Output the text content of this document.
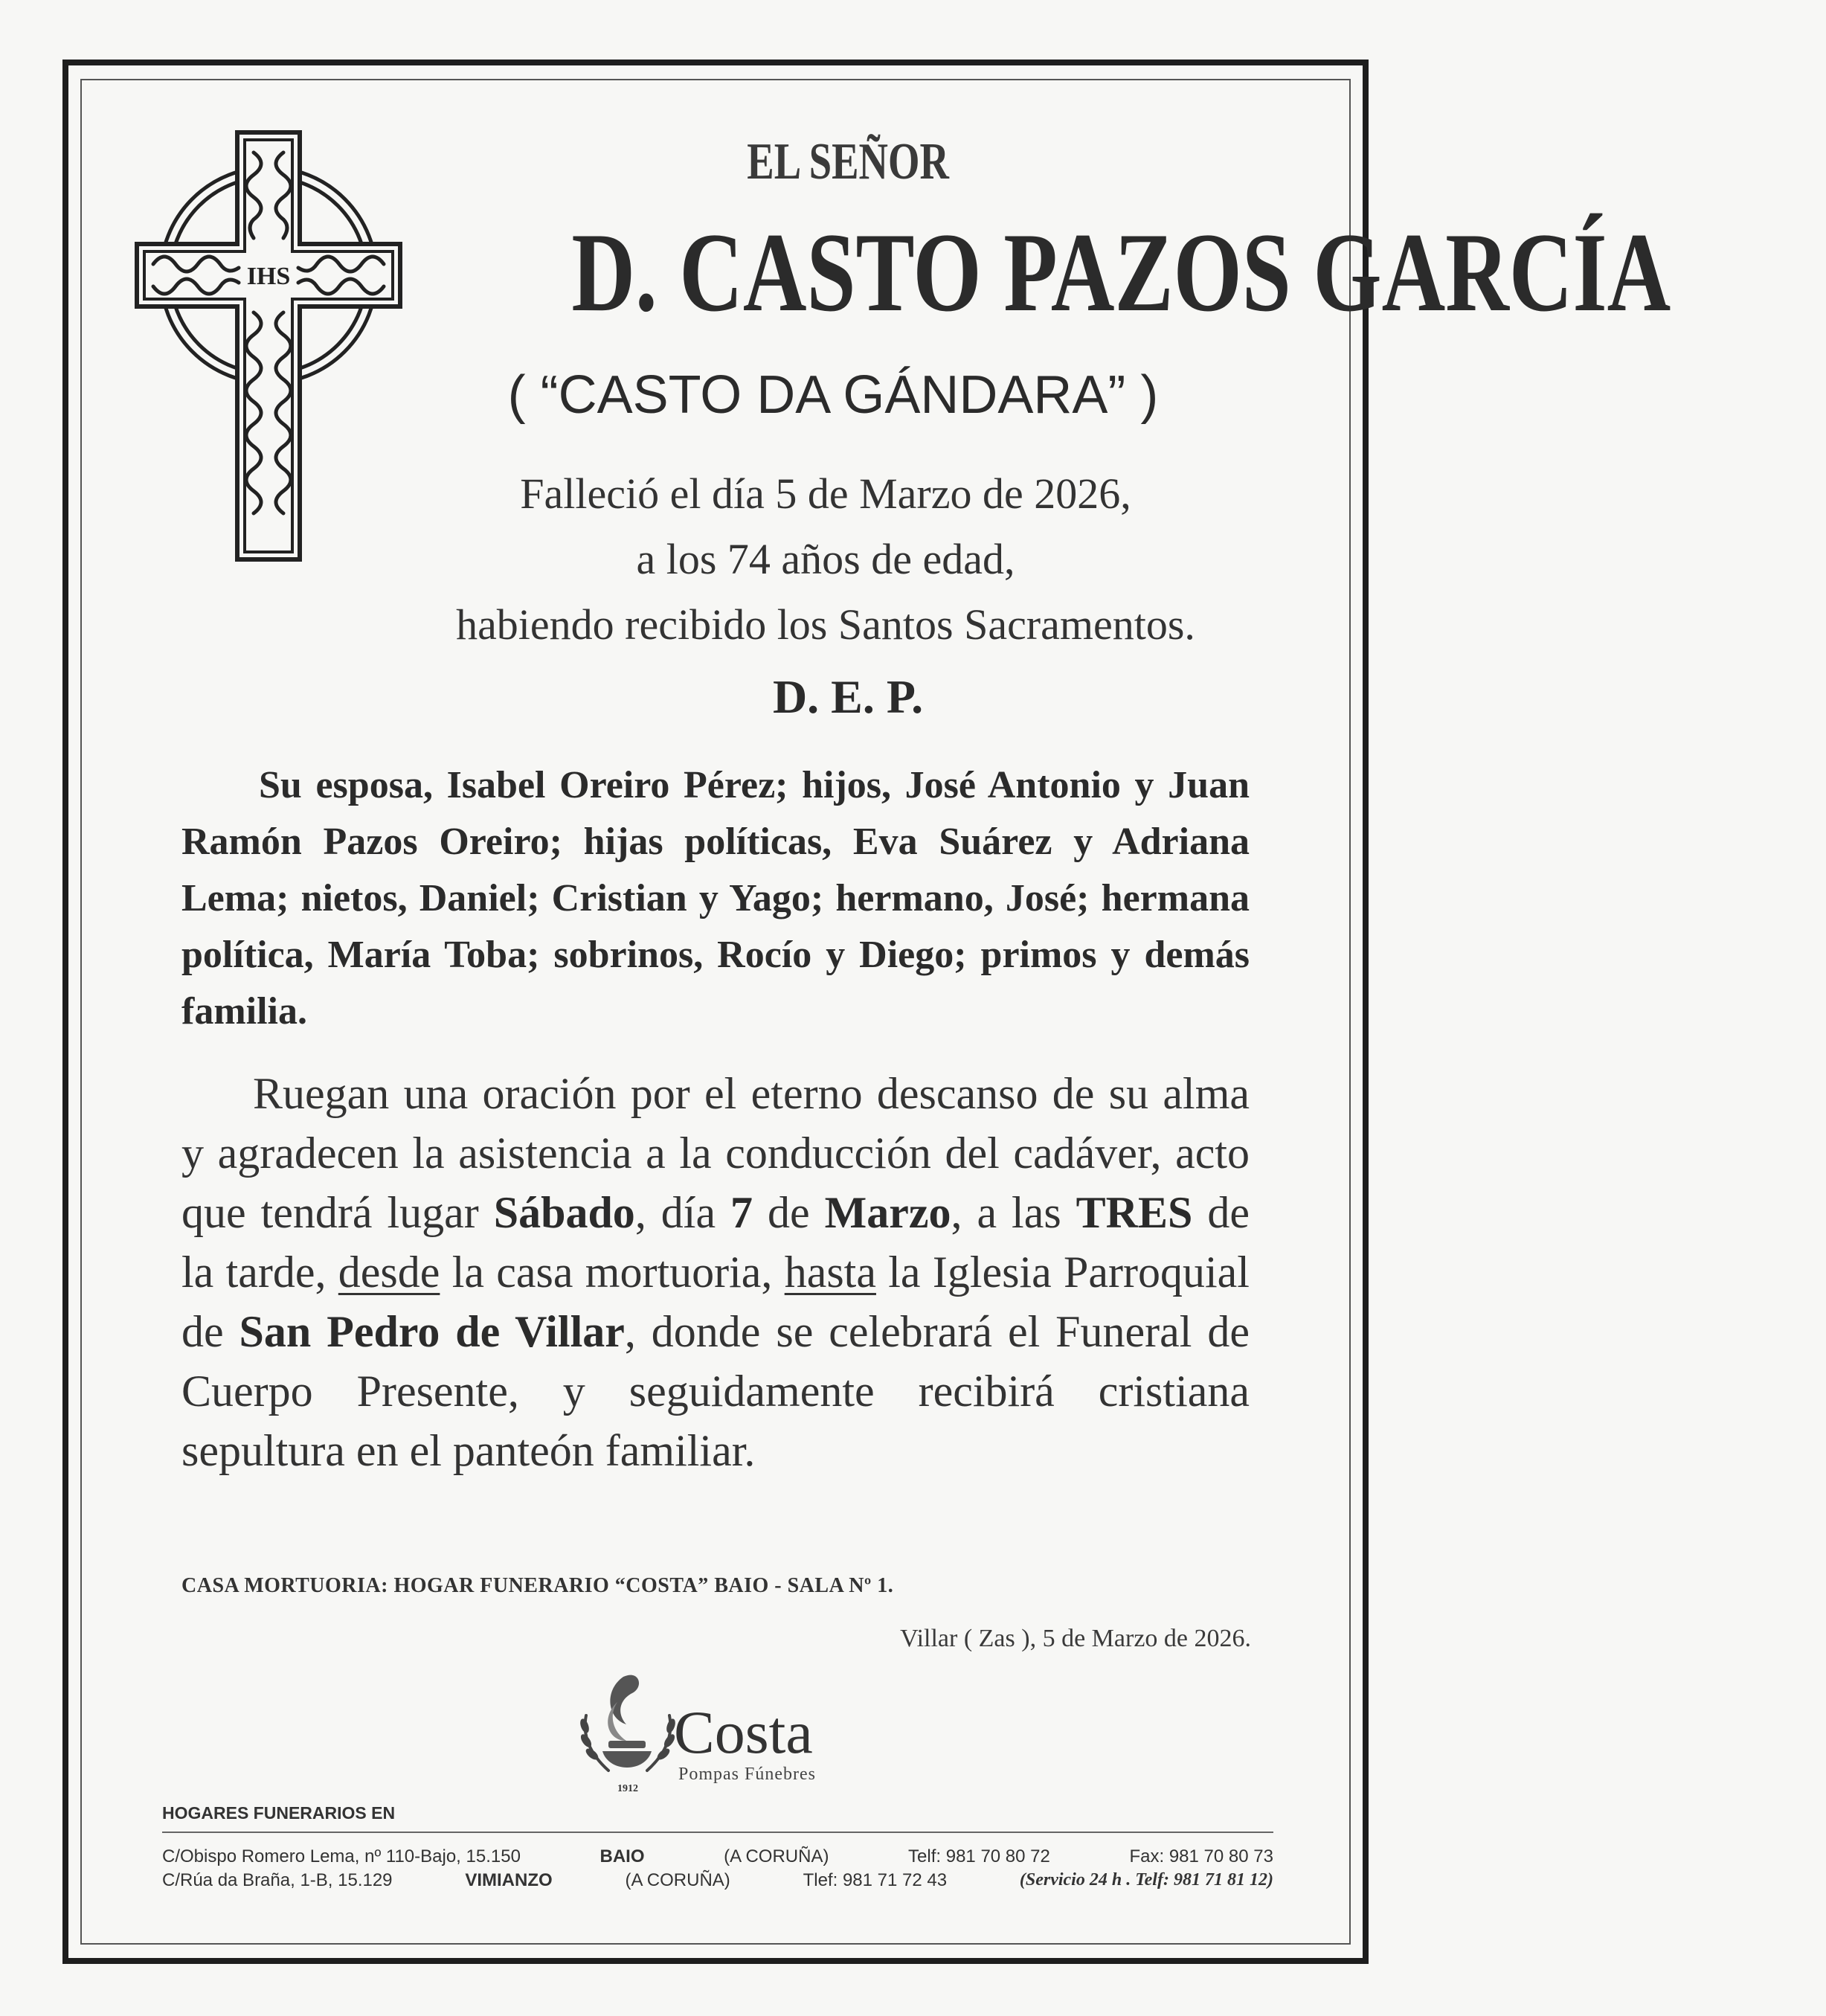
IHS
EL SEÑOR
D. CASTO PAZOS GARCÍA
( “CASTO DA GÁNDARA” )
Falleció el día 5 de Marzo de 2026,
a los 74 años de edad,
habiendo recibido los Santos Sacramentos.
D. E. P.
Su esposa, Isabel Oreiro Pérez; hijos, José Antonio y Juan Ramón Pazos Oreiro; hijas políticas, Eva Suárez y Adriana Lema; nietos, Daniel; Cristian y Yago; hermano, José; hermana política, María Toba; sobrinos, Rocío y Diego; primos y demás familia.
Ruegan una oración por el eterno descanso de su alma y agradecen la asistencia a la conducción del cadáver, acto que tendrá lugar Sábado, día 7 de Marzo, a las TRES de la tarde, desde la casa mortuoria, hasta la Iglesia Parroquial de San Pedro de Villar, donde se celebrará el Funeral de Cuerpo Presente, y seguidamente recibirá cristiana sepultura en el panteón familiar.
CASA MORTUORIA: HOGAR FUNERARIO “COSTA” BAIO - SALA Nº 1.
Villar ( Zas ), 5 de Marzo de 2026.
1912
Costa
Pompas Fúnebres
HOGARES FUNERARIOS EN
C/Obispo Romero Lema, nº 110-Bajo, 15.150	BAIO	(A CORUÑA)	Telf: 981 70 80 72	Fax: 981 70 80 73
C/Rúa da Braña, 1-B, 15.129	VIMIANZO	(A CORUÑA)	Tlef: 981 71 72 43	(Servicio 24 h . Telf: 981 71 81 12)
